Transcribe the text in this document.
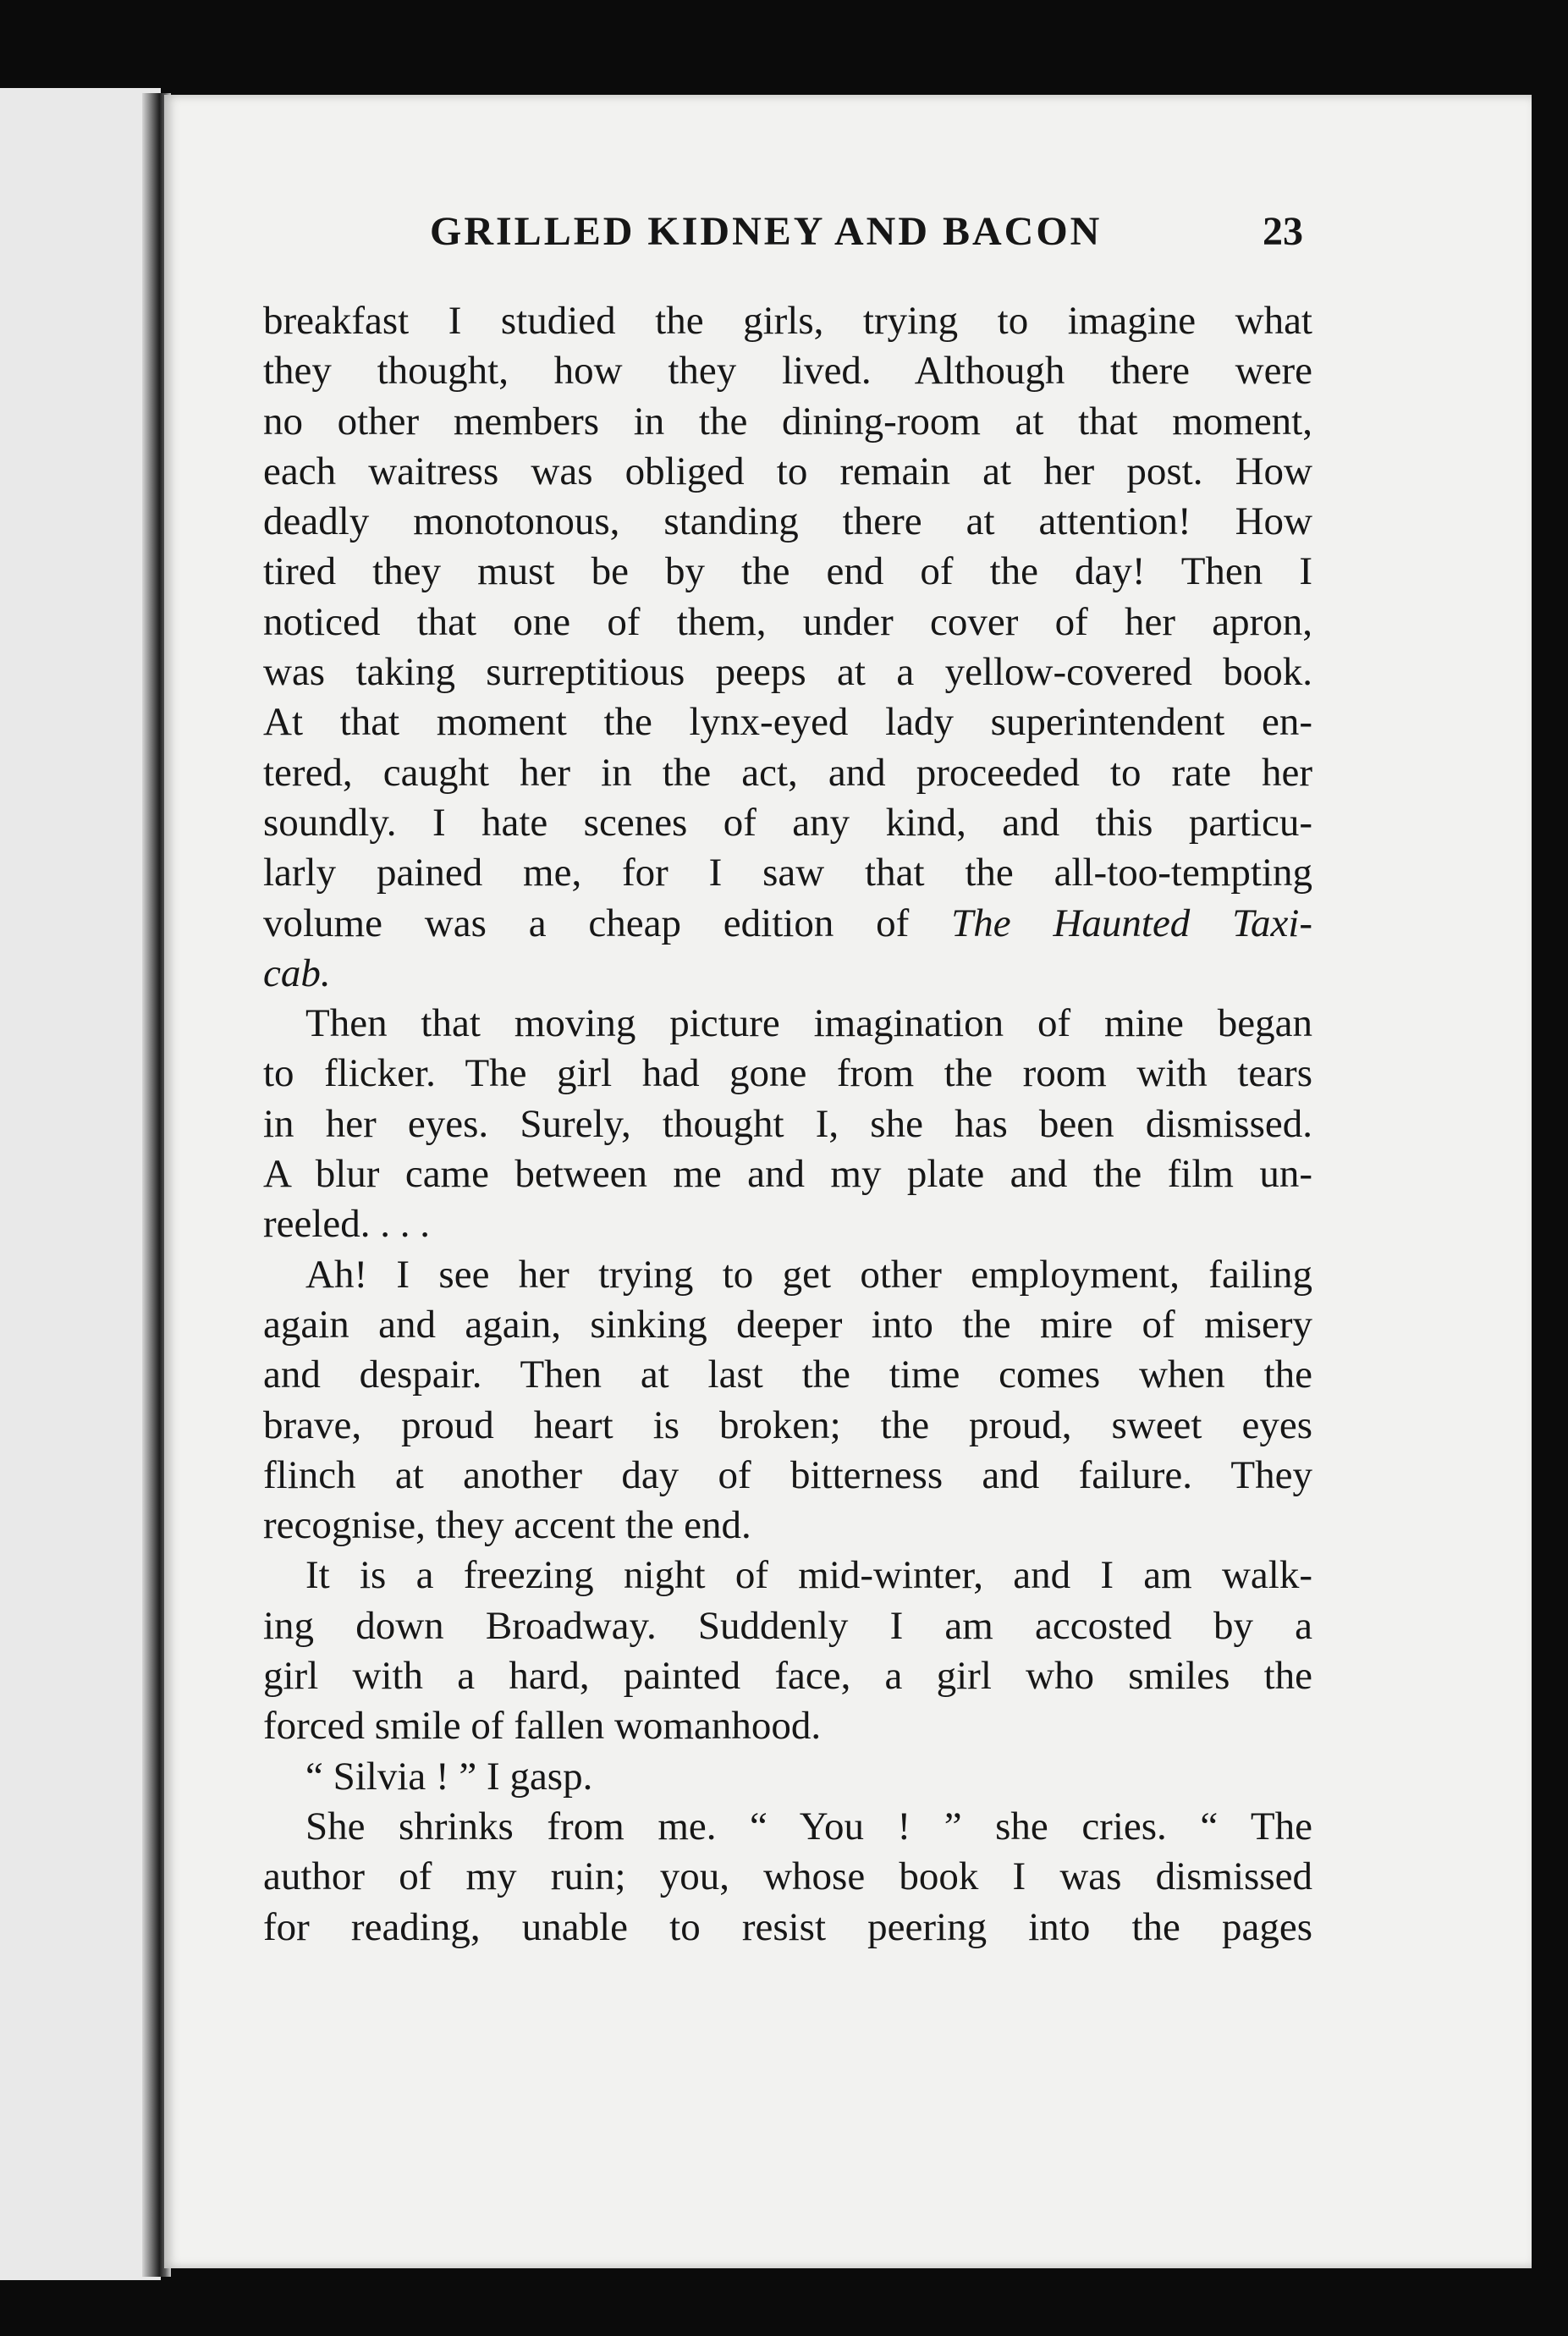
GRILLED KIDNEY AND BACON	23
breakfast I studied the girls, trying to imagine what
they thought, how they lived. Although there were
no other members in the dining-room at that moment,
each waitress was obliged to remain at her post. How
deadly monotonous, standing there at attention! How
tired they must be by the end of the day! Then I
noticed that one of them, under cover of her apron,
was taking surreptitious peeps at a yellow-covered book.
At that moment the lynx-eyed lady superintendent en-
tered, caught her in the act, and proceeded to rate her
soundly. I hate scenes of any kind, and this particu-
larly pained me, for I saw that the all-too-tempting
volume was a cheap edition of The Haunted Taxi-
cab.
Then that moving picture imagination of mine began
to flicker. The girl had gone from the room with tears
in her eyes. Surely, thought I, she has been dismissed.
A blur came between me and my plate and the film un-
reeled. . . .
Ah! I see her trying to get other employment, failing
again and again, sinking deeper into the mire of misery
and despair. Then at last the time comes when the
brave, proud heart is broken; the proud, sweet eyes
flinch at another day of bitterness and failure. They
recognise, they accent the end.
It is a freezing night of mid-winter, and I am walk-
ing down Broadway. Suddenly I am accosted by a
girl with a hard, painted face, a girl who smiles the
forced smile of fallen womanhood.
“ Silvia ! ” I gasp.
She shrinks from me. “ You ! ” she cries. “ The
author of my ruin; you, whose book I was dismissed
for reading, unable to resist peering into the pages
